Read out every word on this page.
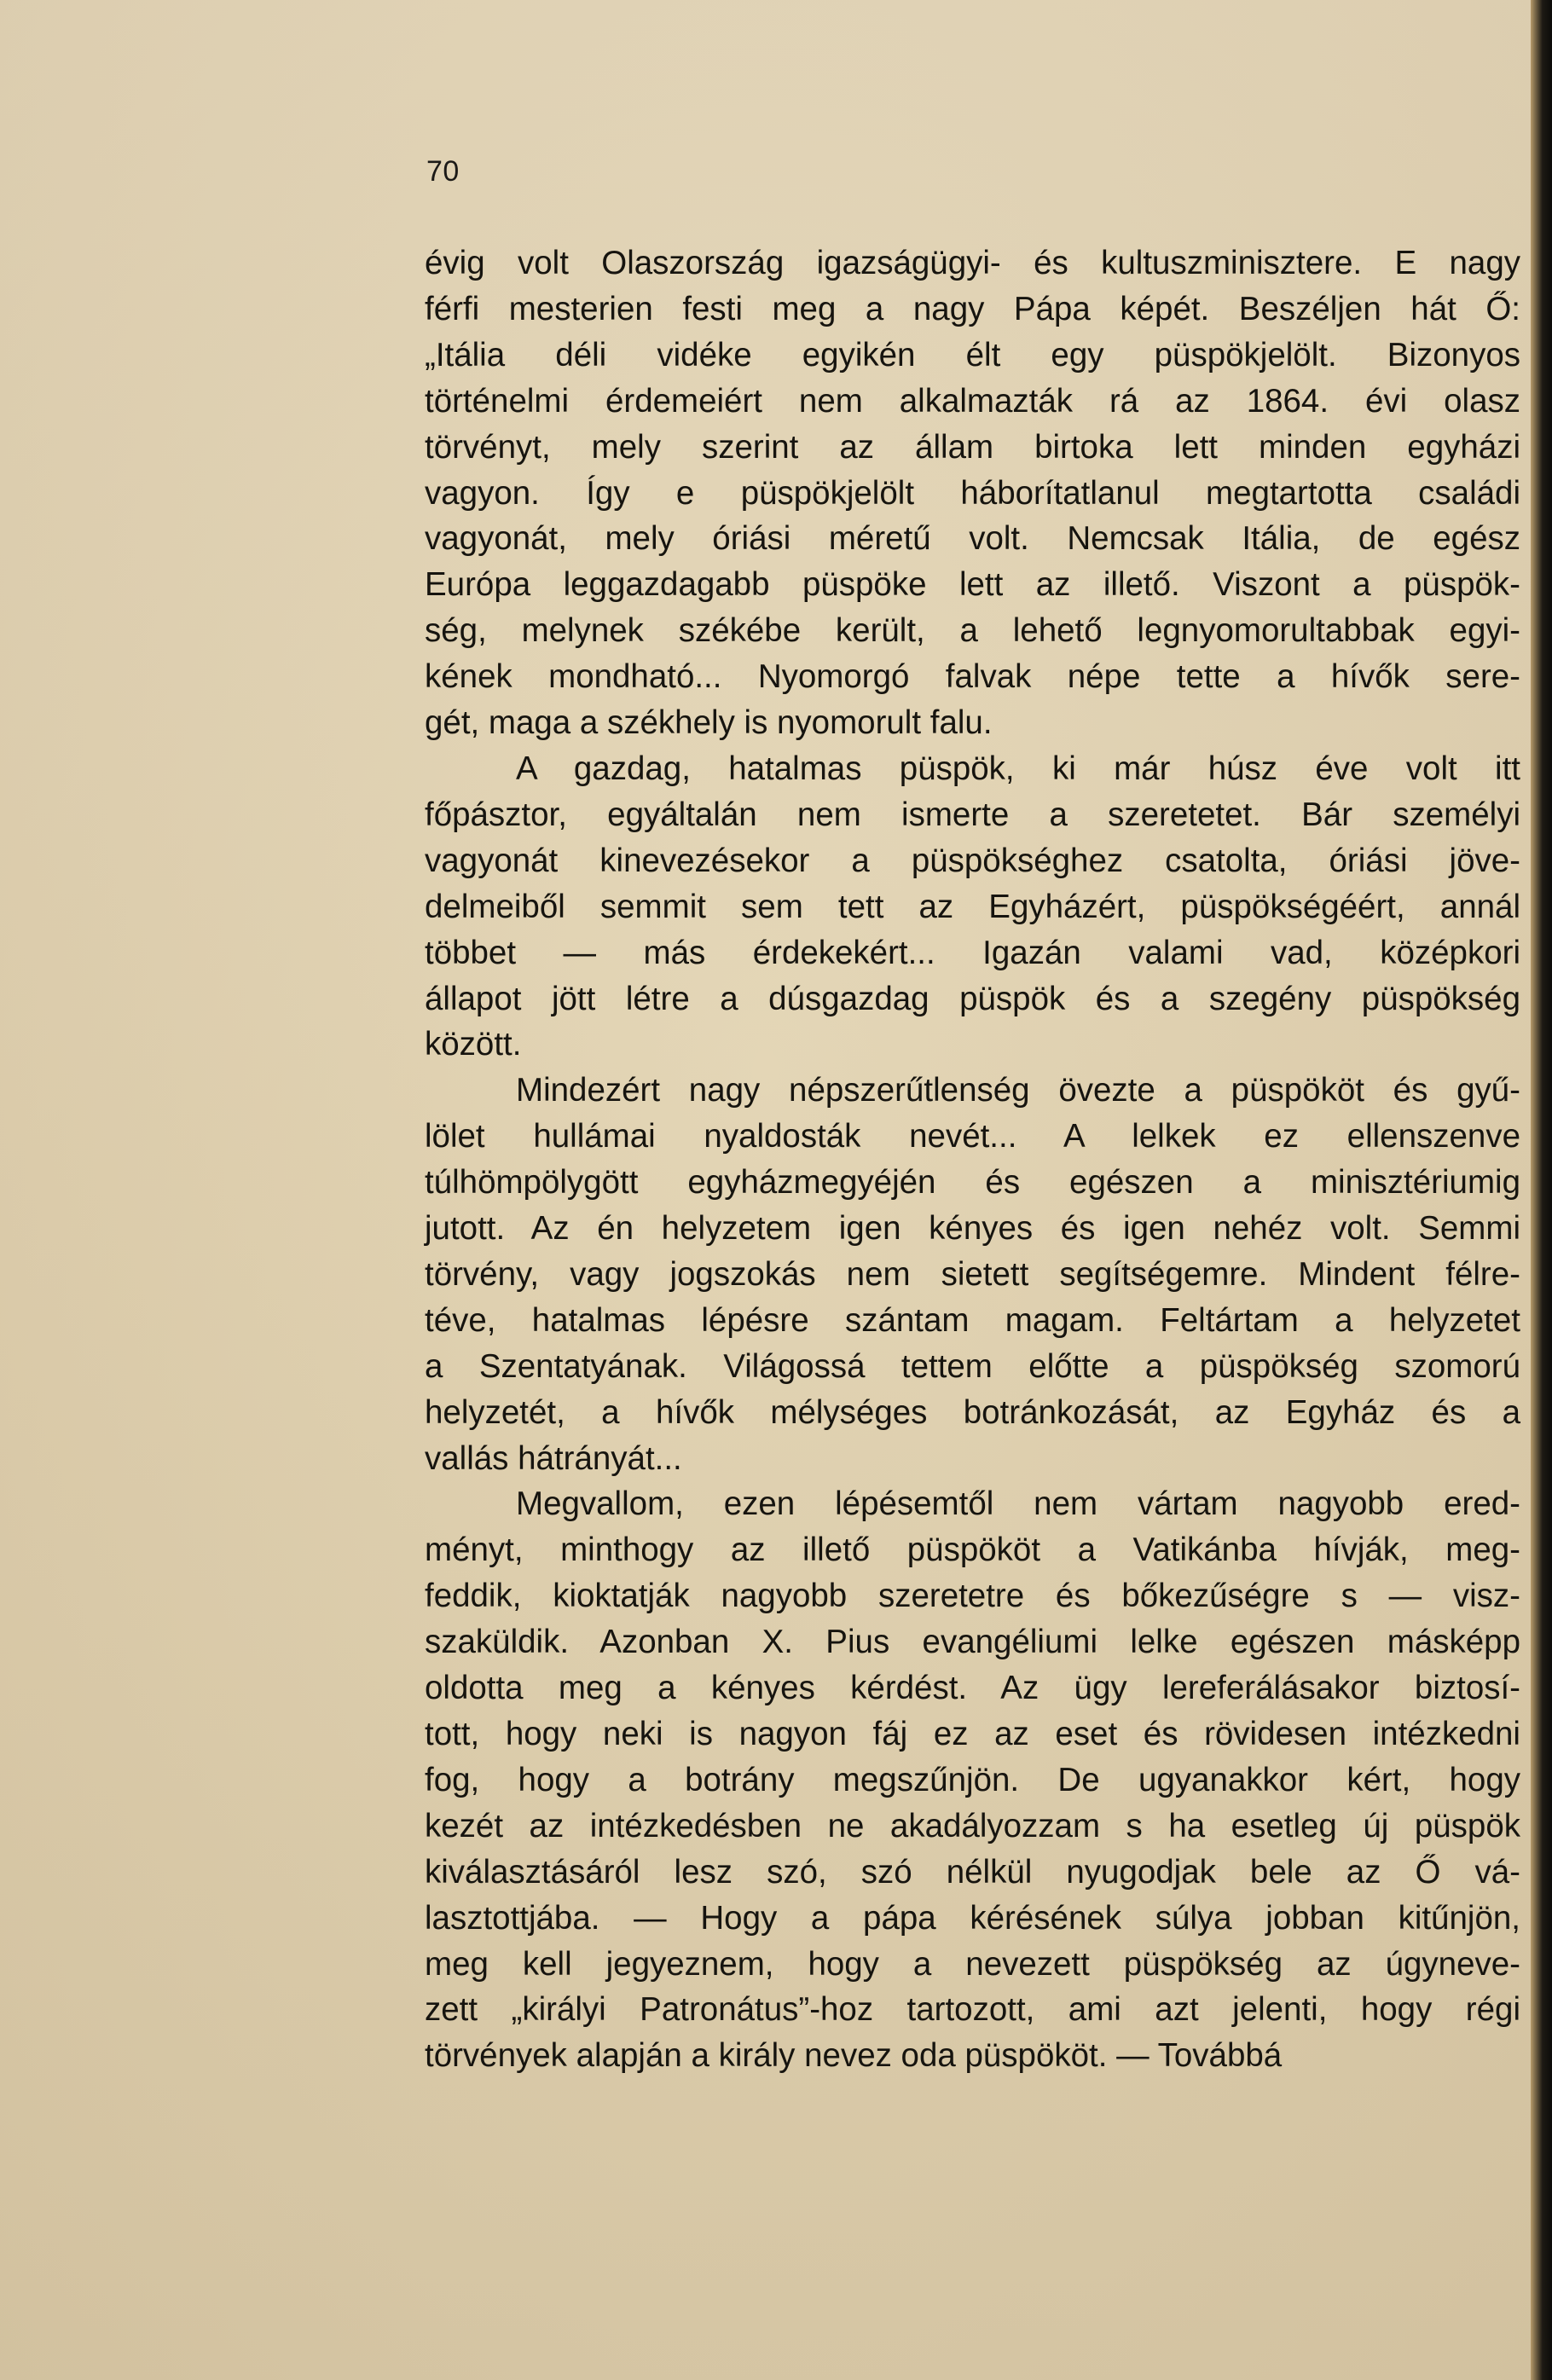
70

évig volt Olaszország igazságügyi- és kultuszminisztere. E nagy
férfi mesterien festi meg a nagy Pápa képét. Beszéljen hát Ő:
„Itália déli vidéke egyikén élt egy püspökjelölt. Bizonyos
történelmi érdemeiért nem alkalmazták rá az 1864. évi olasz
törvényt, mely szerint az állam birtoka lett minden egyházi
vagyon. Így e püspökjelölt háborítatlanul megtartotta családi
vagyonát, mely óriási méretű volt. Nemcsak Itália, de egész
Európa leggazdagabb püspöke lett az illető. Viszont a püspök-
ség, melynek székébe került, a lehető legnyomorultabbak egyi-
kének mondható... Nyomorgó falvak népe tette a hívők sere-
gét, maga a székhely is nyomorult falu.

A gazdag, hatalmas püspök, ki már húsz éve volt itt
főpásztor, egyáltalán nem ismerte a szeretetet. Bár személyi
vagyonát kinevezésekor a püspökséghez csatolta, óriási jöve-
delmeiből semmit sem tett az Egyházért, püspökségéért, annál
többet — más érdekekért... Igazán valami vad, középkori
állapot jött létre a dúsgazdag püspök és a szegény püspökség
között.

Mindezért nagy népszerűtlenség övezte a püspököt és gyű-
lölet hullámai nyaldosták nevét... A lelkek ez ellenszenve
túlhömpölygött egyházmegyéjén és egészen a minisztériumig
jutott. Az én helyzetem igen kényes és igen nehéz volt. Semmi
törvény, vagy jogszokás nem sietett segítségemre. Mindent félre-
téve, hatalmas lépésre szántam magam. Feltártam a helyzetet
a Szentatyának. Világossá tettem előtte a püspökség szomorú
helyzetét, a hívők mélységes botránkozását, az Egyház és a
vallás hátrányát...

Megvallom, ezen lépésemtől nem vártam nagyobb ered-
ményt, minthogy az illető püspököt a Vatikánba hívják, meg-
feddik, kioktatják nagyobb szeretetre és bőkezűségre s — visz-
szaküldik. Azonban X. Pius evangéliumi lelke egészen másképp
oldotta meg a kényes kérdést. Az ügy lereferálásakor biztosí-
tott, hogy neki is nagyon fáj ez az eset és rövidesen intézkedni
fog, hogy a botrány megszűnjön. De ugyanakkor kért, hogy
kezét az intézkedésben ne akadályozzam s ha esetleg új püspök
kiválasztásáról lesz szó, szó nélkül nyugodjak bele az Ő vá-
lasztottjába. — Hogy a pápa kérésének súlya jobban kitűnjön,
meg kell jegyeznem, hogy a nevezett püspökség az úgyneve-
zett „királyi Patronátus”-hoz tartozott, ami azt jelenti, hogy régi
törvények alapján a király nevez oda püspököt. — Továbbá
